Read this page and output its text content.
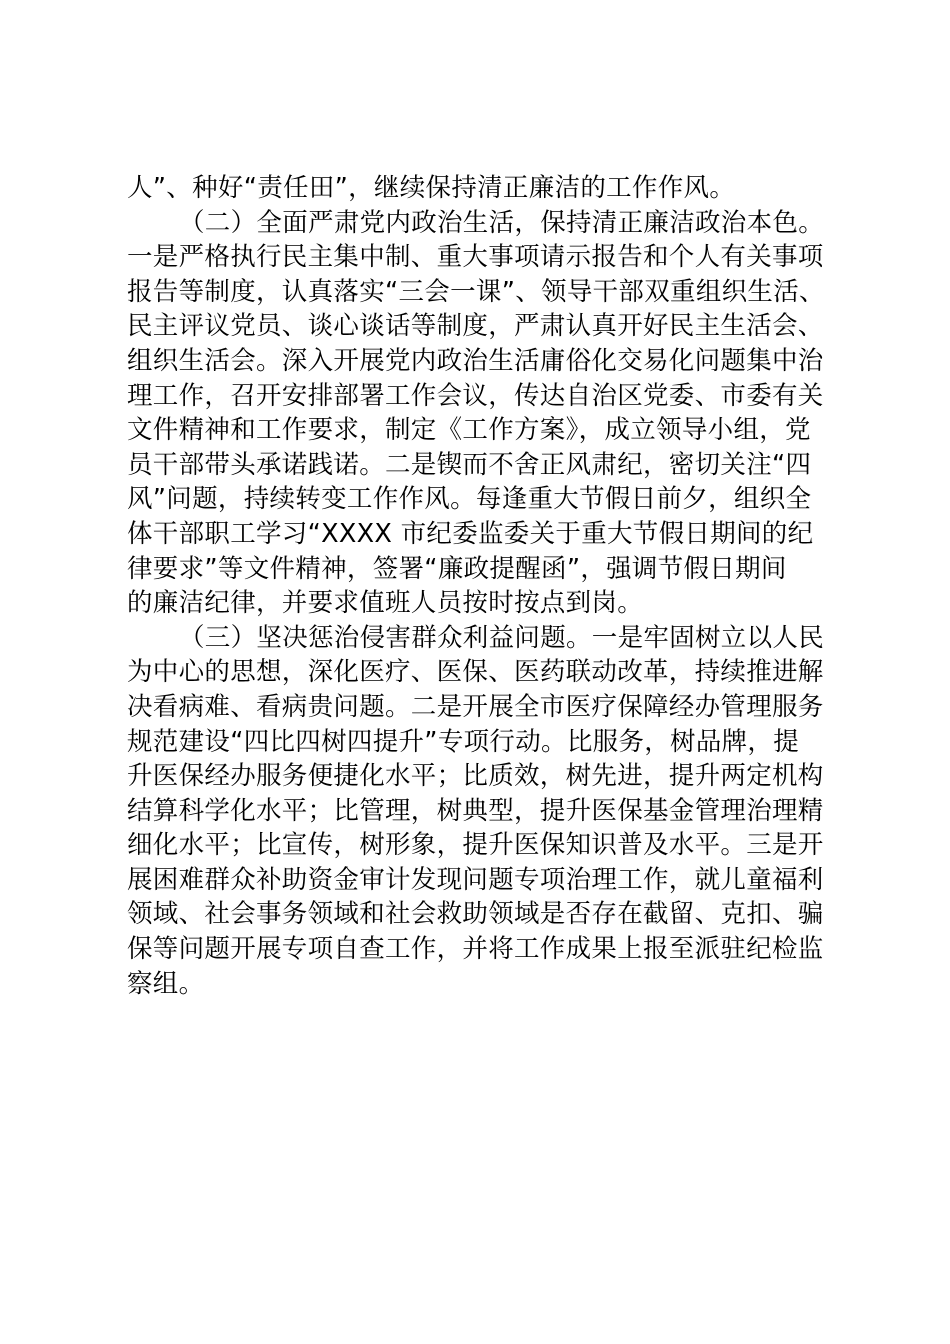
人”、种好“责任田”，继续保持清正廉洁的工作作风。
（二）全面严肃党内政治生活，保持清正廉洁政治本色。
一是严格执行民主集中制、重大事项请示报告和个人有关事项
报告等制度，认真落实“三会一课”、领导干部双重组织生活、
民主评议党员、谈心谈话等制度，严肃认真开好民主生活会、
组织生活会。深入开展党内政治生活庸俗化交易化问题集中治
理工作，召开安排部署工作会议，传达自治区党委、市委有关
文件精神和工作要求，制定《工作方案》，成立领导小组，党
员干部带头承诺践诺。二是锲而不舍正风肃纪，密切关注“四
风”问题，持续转变工作作风。每逢重大节假日前夕，组织全
体干部职工学习“XXXX 市纪委监委关于重大节假日期间的纪
律要求”等文件精神，签署“廉政提醒函”，强调节假日期间
的廉洁纪律，并要求值班人员按时按点到岗。
（三）坚决惩治侵害群众利益问题。一是牢固树立以人民
为中心的思想，深化医疗、医保、医药联动改革，持续推进解
决看病难、看病贵问题。二是开展全市医疗保障经办管理服务
规范建设“四比四树四提升”专项行动。比服务，树品牌，提
升医保经办服务便捷化水平；比质效，树先进，提升两定机构
结算科学化水平；比管理，树典型，提升医保基金管理治理精
细化水平；比宣传，树形象，提升医保知识普及水平。三是开
展困难群众补助资金审计发现问题专项治理工作，就儿童福利
领域、社会事务领域和社会救助领域是否存在截留、克扣、骗
保等问题开展专项自查工作，并将工作成果上报至派驻纪检监
察组。
